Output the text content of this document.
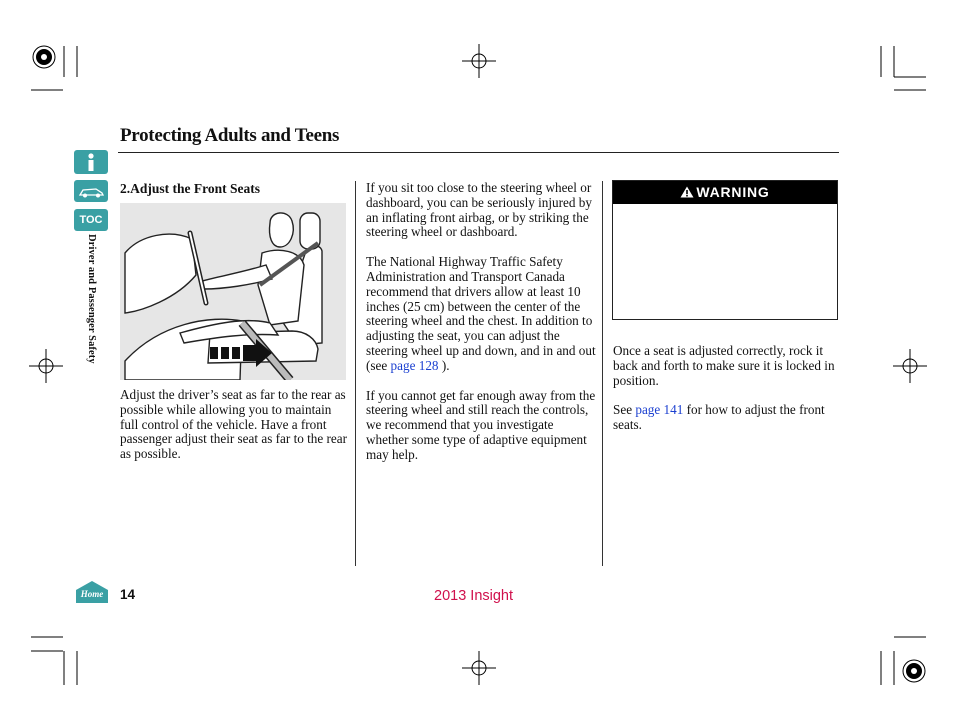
TOC
Driver and Passenger Safety
Protecting Adults and Teens
2.Adjust the Front Seats
Adjust the driver’s seat as far to the rear as possible while allowing you to maintain full control of the vehicle. Have a front passenger adjust their seat as far to the rear as possible.

If you sit too close to the steering wheel or dashboard, you can be seriously injured by an inflating front airbag, or by striking the steering wheel or dashboard.

The National Highway Traffic Safety Administration and Transport Canada recommend that drivers allow at least 10 inches (25 cm) between the center of the steering wheel and the chest. In addition to adjusting the seat, you can adjust the steering wheel up and down, and in and out (see page 128 ).

If you cannot get far enough away from the steering wheel and still reach the controls, we recommend that you investigate whether some type of adaptive equipment may help.

WARNING

Once a seat is adjusted correctly, rock it back and forth to make sure it is locked in position.

See page 141 for how to adjust the front seats.

Home 14	2013 Insight
